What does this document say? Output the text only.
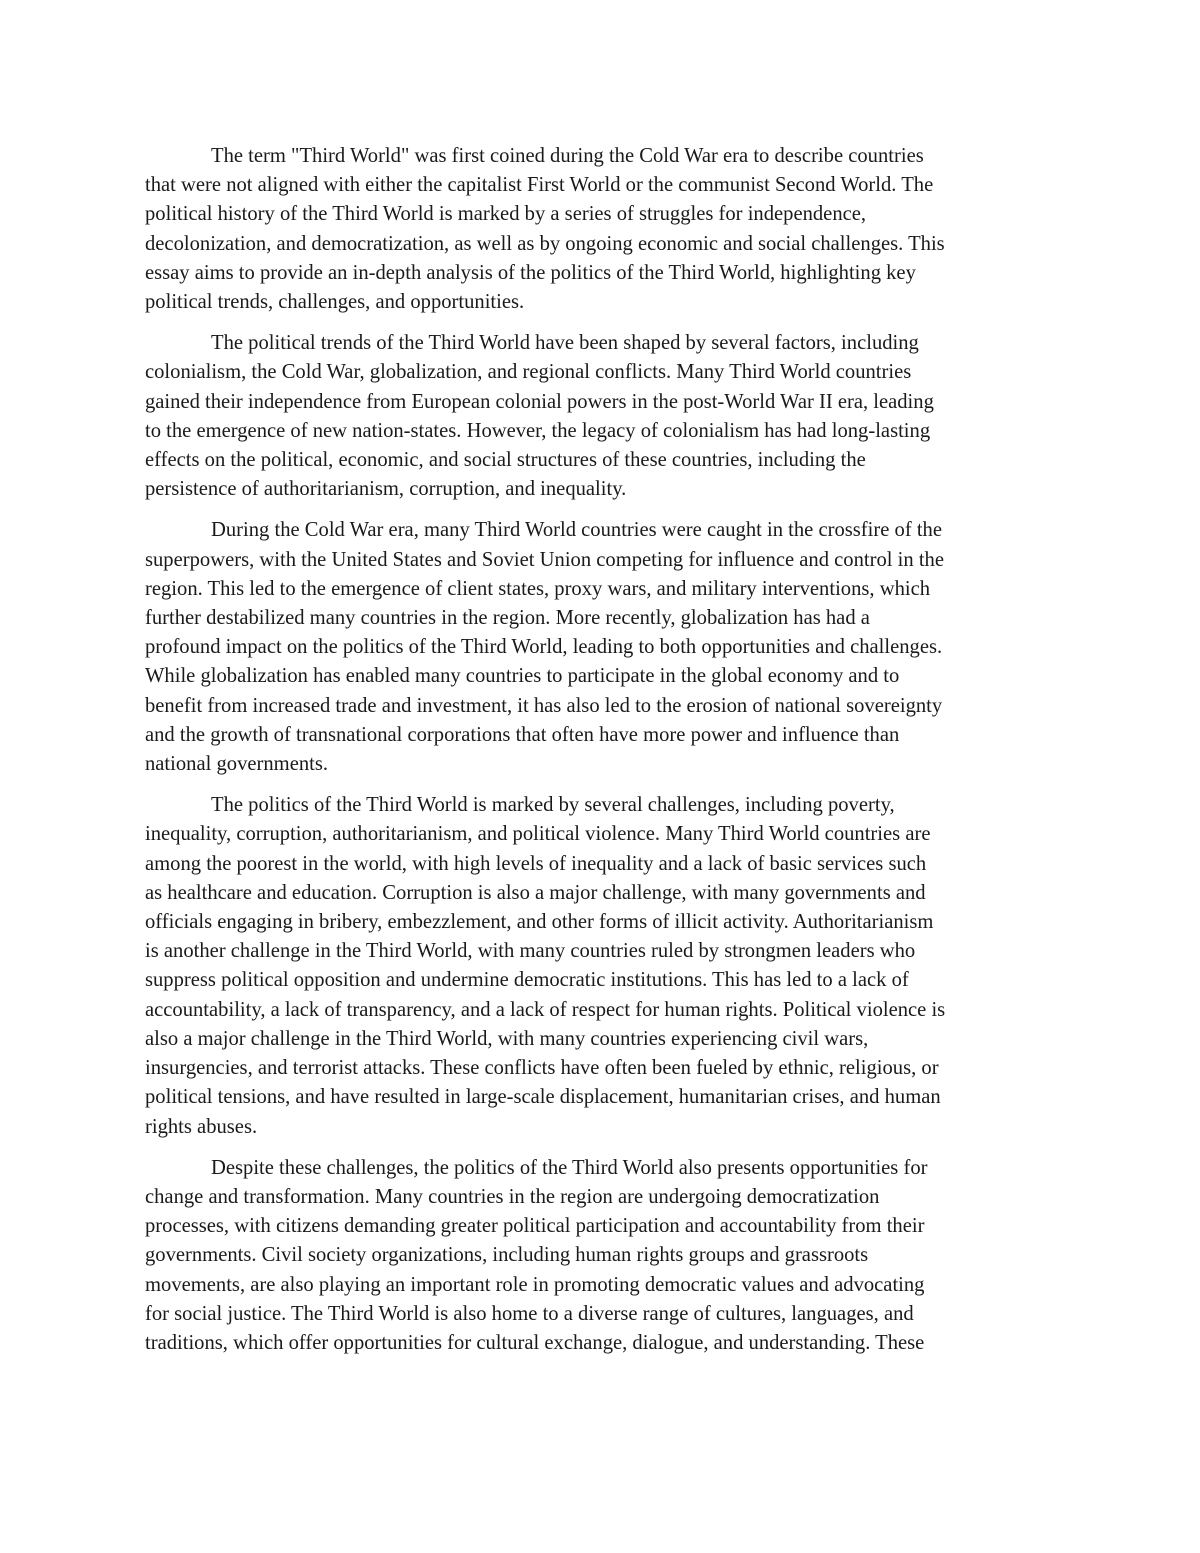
The term "Third World" was first coined during the Cold War era to describe countries
that were not aligned with either the capitalist First World or the communist Second World. The
political history of the Third World is marked by a series of struggles for independence,
decolonization, and democratization, as well as by ongoing economic and social challenges. This
essay aims to provide an in-depth analysis of the politics of the Third World, highlighting key
political trends, challenges, and opportunities.

The political trends of the Third World have been shaped by several factors, including
colonialism, the Cold War, globalization, and regional conflicts. Many Third World countries
gained their independence from European colonial powers in the post-World War II era, leading
to the emergence of new nation-states. However, the legacy of colonialism has had long-lasting
effects on the political, economic, and social structures of these countries, including the
persistence of authoritarianism, corruption, and inequality.

During the Cold War era, many Third World countries were caught in the crossfire of the
superpowers, with the United States and Soviet Union competing for influence and control in the
region. This led to the emergence of client states, proxy wars, and military interventions, which
further destabilized many countries in the region. More recently, globalization has had a
profound impact on the politics of the Third World, leading to both opportunities and challenges.
While globalization has enabled many countries to participate in the global economy and to
benefit from increased trade and investment, it has also led to the erosion of national sovereignty
and the growth of transnational corporations that often have more power and influence than
national governments.

The politics of the Third World is marked by several challenges, including poverty,
inequality, corruption, authoritarianism, and political violence. Many Third World countries are
among the poorest in the world, with high levels of inequality and a lack of basic services such
as healthcare and education. Corruption is also a major challenge, with many governments and
officials engaging in bribery, embezzlement, and other forms of illicit activity. Authoritarianism
is another challenge in the Third World, with many countries ruled by strongmen leaders who
suppress political opposition and undermine democratic institutions. This has led to a lack of
accountability, a lack of transparency, and a lack of respect for human rights. Political violence is
also a major challenge in the Third World, with many countries experiencing civil wars,
insurgencies, and terrorist attacks. These conflicts have often been fueled by ethnic, religious, or
political tensions, and have resulted in large-scale displacement, humanitarian crises, and human
rights abuses.

Despite these challenges, the politics of the Third World also presents opportunities for
change and transformation. Many countries in the region are undergoing democratization
processes, with citizens demanding greater political participation and accountability from their
governments. Civil society organizations, including human rights groups and grassroots
movements, are also playing an important role in promoting democratic values and advocating
for social justice. The Third World is also home to a diverse range of cultures, languages, and
traditions, which offer opportunities for cultural exchange, dialogue, and understanding. These
